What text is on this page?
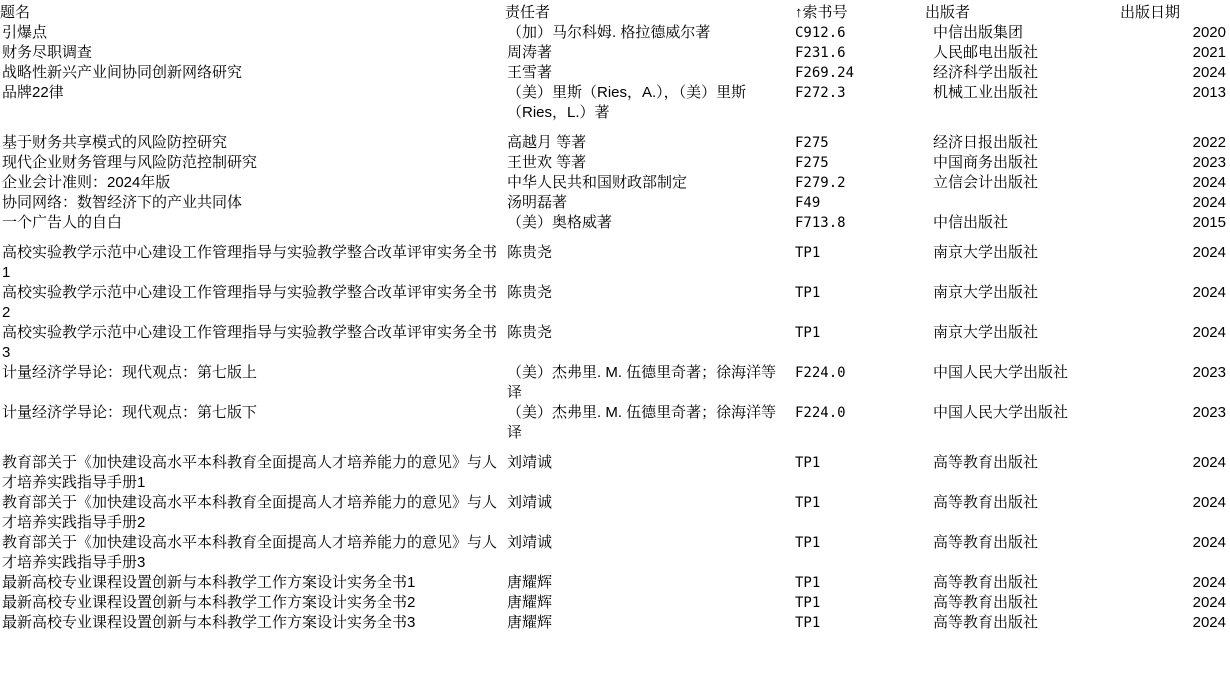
题名	责任者	↑索书号	出版者	出版日期
引爆点	（加）马尔科姆. 格拉德威尔著	C912.6	中信出版集团	2020
财务尽职调查	周涛著	F231.6	人民邮电出版社	2021
战略性新兴产业间协同创新网络研究	王雪著	F269.24	经济科学出版社	2024
品牌22律	（美）里斯（Ries，A.），（美）里斯（Ries，L.）著	F272.3	机械工业出版社	2013

基于财务共享模式的风险防控研究	高越月 等著	F275	经济日报出版社	2022
现代企业财务管理与风险防范控制研究	王世欢 等著	F275	中国商务出版社	2023
企业会计准则：2024年版	中华人民共和国财政部制定	F279.2	立信会计出版社	2024
协同网络：数智经济下的产业共同体	汤明磊著	F49		2024
一个广告人的自白	（美）奥格威著	F713.8	中信出版社	2015

高校实验教学示范中心建设工作管理指导与实验教学整合改革评审实务全书1	陈贵尧	TP1	南京大学出版社	2024
高校实验教学示范中心建设工作管理指导与实验教学整合改革评审实务全书2	陈贵尧	TP1	南京大学出版社	2024
高校实验教学示范中心建设工作管理指导与实验教学整合改革评审实务全书3	陈贵尧	TP1	南京大学出版社	2024
计量经济学导论：现代观点：第七版上	（美）杰弗里. M. 伍德里奇著；徐海洋等译	F224.0	中国人民大学出版社	2023
计量经济学导论：现代观点：第七版下	（美）杰弗里. M. 伍德里奇著；徐海洋等译	F224.0	中国人民大学出版社	2023

教育部关于《加快建设高水平本科教育全面提高人才培养能力的意见》与人才培养实践指导手册1	刘靖诚	TP1	高等教育出版社	2024
教育部关于《加快建设高水平本科教育全面提高人才培养能力的意见》与人才培养实践指导手册2	刘靖诚	TP1	高等教育出版社	2024
教育部关于《加快建设高水平本科教育全面提高人才培养能力的意见》与人才培养实践指导手册3	刘靖诚	TP1	高等教育出版社	2024
最新高校专业课程设置创新与本科教学工作方案设计实务全书1	唐耀辉	TP1	高等教育出版社	2024
最新高校专业课程设置创新与本科教学工作方案设计实务全书2	唐耀辉	TP1	高等教育出版社	2024
最新高校专业课程设置创新与本科教学工作方案设计实务全书3	唐耀辉	TP1	高等教育出版社	2024
